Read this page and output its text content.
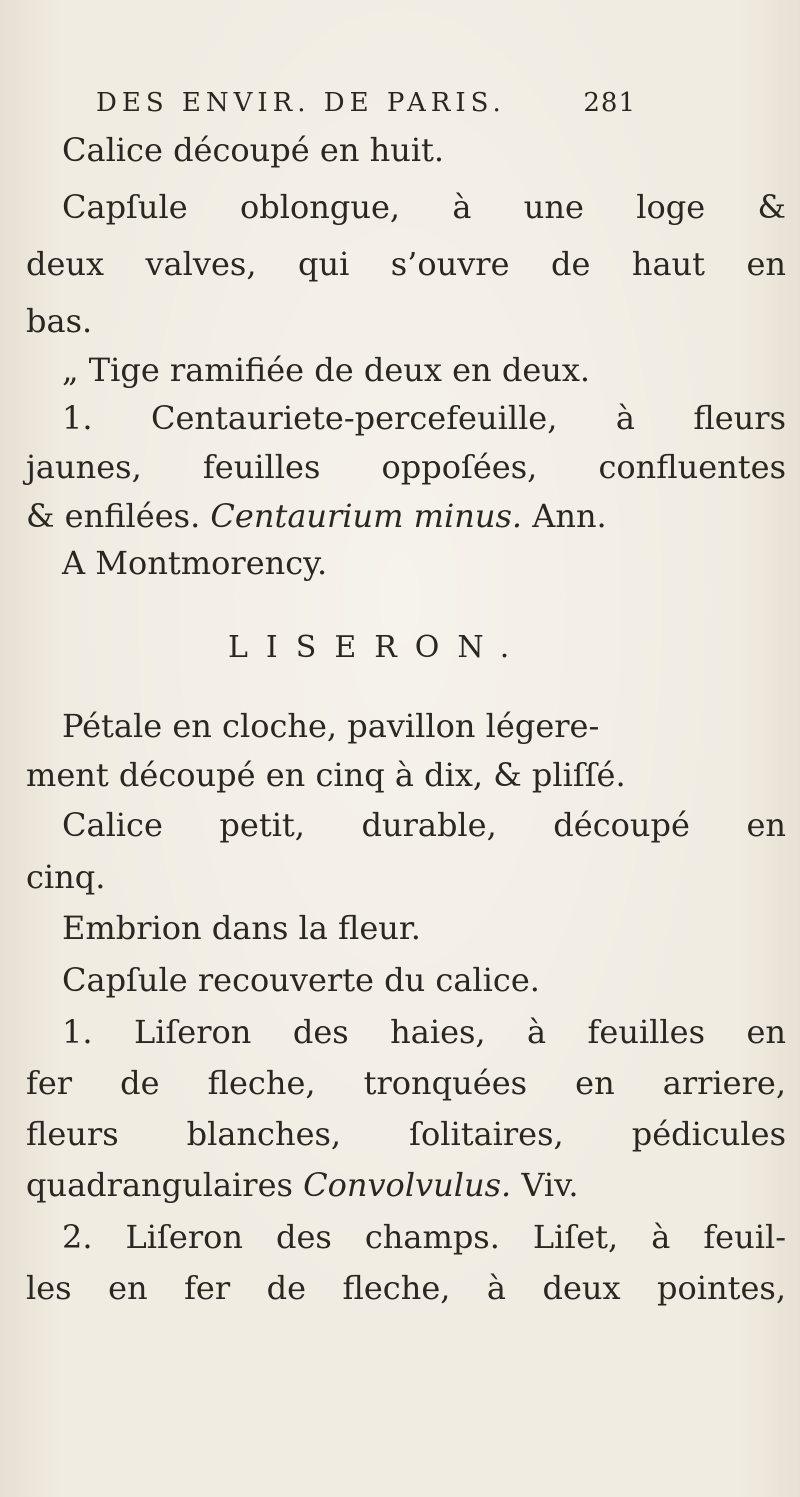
DES ENVIR. DE PARIS.	281
Calice découpé en huit.
Capſule oblongue, à une loge &
deux valves, qui s’ouvre de haut en
bas.
„ Tige ramifiée de deux en deux.
1. Centauriete-percefeuille, à fleurs
jaunes, feuilles oppoſées, confluentes
& enfilées. Centaurium minus. Ann.
A Montmorency.
LISERON.
Pétale en cloche, pavillon légere-
ment découpé en cinq à dix, & pliſſé.
Calice petit, durable, découpé en
cinq.
Embrion dans la fleur.
Capſule recouverte du calice.
1. Liſeron des haies, à feuilles en
fer de fleche, tronquées en arriere,
fleurs blanches, ſolitaires, pédicules
quadrangulaires Convolvulus. Viv.
2. Liſeron des champs. Liſet, à feuil-
les en fer de fleche, à deux pointes,
